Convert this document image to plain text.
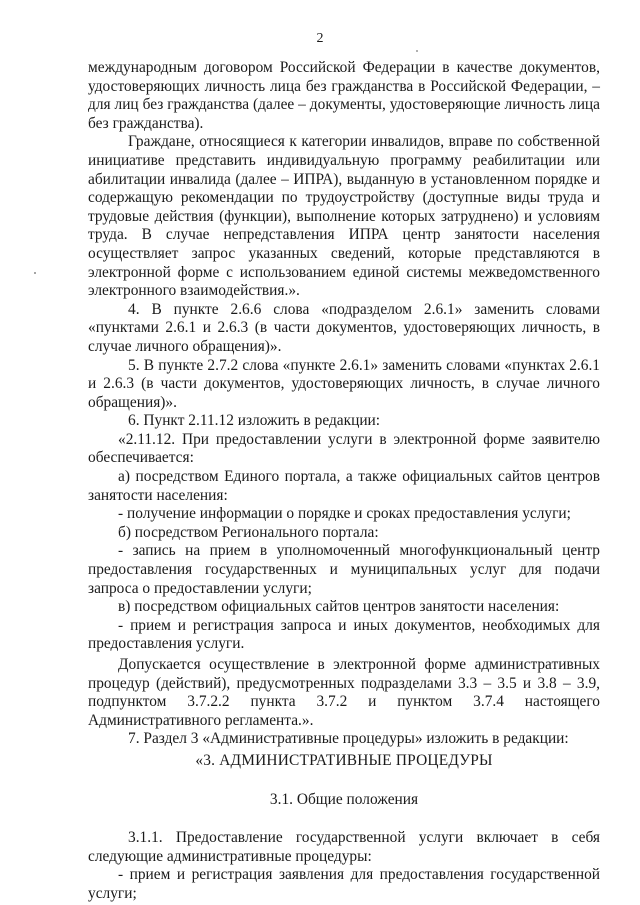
2

международным договором Российской Федерации в качестве документов, удостоверяющих личность лица без гражданства в Российской Федерации, – для лиц без гражданства (далее – документы, удостоверяющие личность лица без гражданства).

Граждане, относящиеся к категории инвалидов, вправе по собственной инициативе представить индивидуальную программу реабилитации или абилитации инвалида (далее – ИПРА), выданную в установленном порядке и содержащую рекомендации по трудоустройству (доступные виды труда и трудовые действия (функции), выполнение которых затруднено) и условиям труда. В случае непредставления ИПРА центр занятости населения осуществляет запрос указанных сведений, которые представляются в электронной форме с использованием единой системы межведомственного электронного взаимодействия.».

4. В пункте 2.6.6 слова «подразделом 2.6.1» заменить словами «пунктами 2.6.1 и 2.6.3 (в части документов, удостоверяющих личность, в случае личного обращения)».

5. В пункте 2.7.2 слова «пункте 2.6.1» заменить словами «пунктах 2.6.1 и 2.6.3 (в части документов, удостоверяющих личность, в случае личного обращения)».

6. Пункт 2.11.12 изложить в редакции:

«2.11.12. При предоставлении услуги в электронной форме заявителю обеспечивается:

а) посредством Единого портала, а также официальных сайтов центров занятости населения:

- получение информации о порядке и сроках предоставления услуги;

б) посредством Регионального портала:

- запись на прием в уполномоченный многофункциональный центр предоставления государственных и муниципальных услуг для подачи запроса о предоставлении услуги;

в) посредством официальных сайтов центров занятости населения:

- прием и регистрация запроса и иных документов, необходимых для предоставления услуги.

Допускается осуществление в электронной форме административных процедур (действий), предусмотренных подразделами 3.3 – 3.5 и 3.8 – 3.9, подпунктом 3.7.2.2 пункта 3.7.2 и пунктом 3.7.4 настоящего Административного регламента.».

7. Раздел 3 «Административные процедуры» изложить в редакции:

«3. АДМИНИСТРАТИВНЫЕ ПРОЦЕДУРЫ

3.1. Общие положения

3.1.1. Предоставление государственной услуги включает в себя следующие административные процедуры:

- прием и регистрация заявления для предоставления государственной услуги;
